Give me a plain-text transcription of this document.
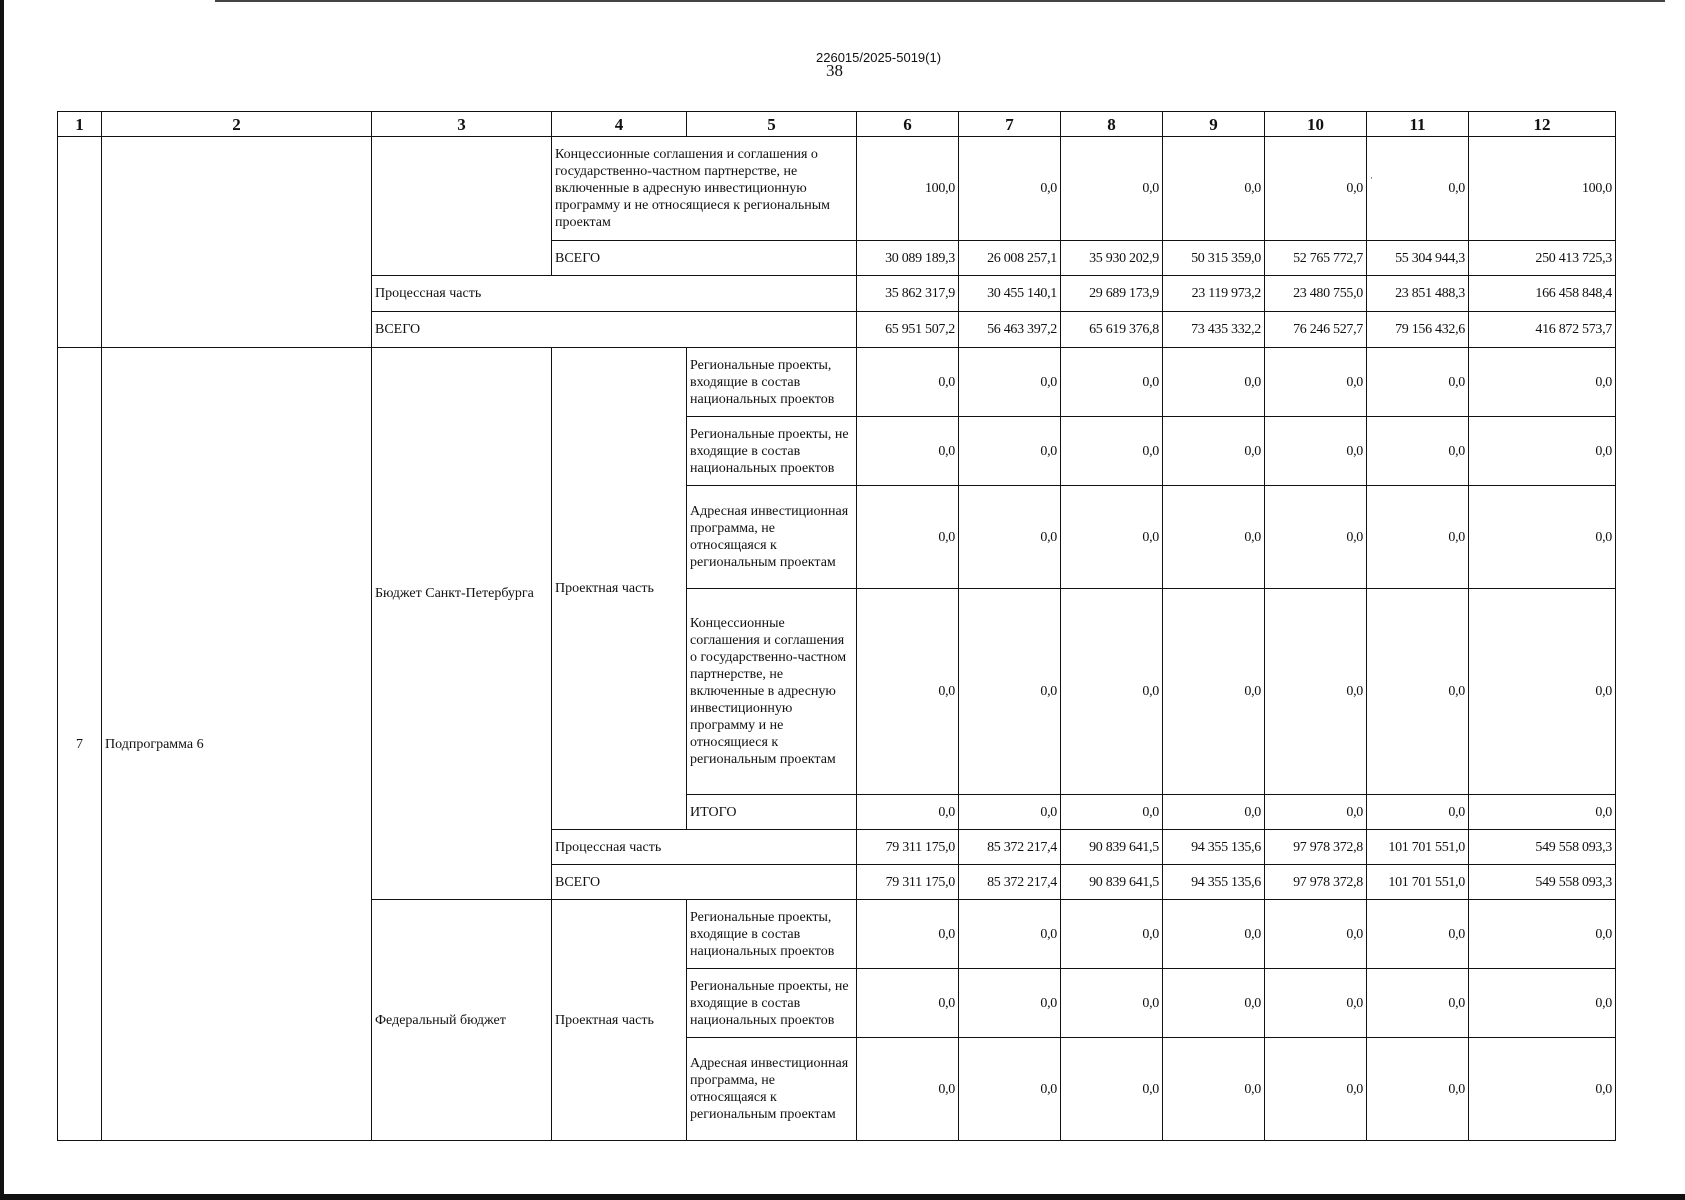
226015/2025-5019(1)
38
·
1	2	3	4	5	6	7	8	9	10	11	12
			Концессионные соглашения и соглашения о государственно-частном партнерстве, не включенные в адресную инвестиционную программу и не относящиеся к региональным проектам		100,0	0,0	0,0	0,0	0,0	0,0	100,0
			ВСЕГО		30 089 189,3	26 008 257,1	35 930 202,9	50 315 359,0	52 765 772,7	55 304 944,3	250 413 725,3
		Процессная часть			35 862 317,9	30 455 140,1	29 689 173,9	23 119 973,2	23 480 755,0	23 851 488,3	166 458 848,4
		ВСЕГО			65 951 507,2	56 463 397,2	65 619 376,8	73 435 332,2	76 246 527,7	79 156 432,6	416 872 573,7
7	Подпрограмма 6	Бюджет Санкт-Петербурга	Проектная часть	Региональные проекты, входящие в состав национальных проектов	0,0	0,0	0,0	0,0	0,0	0,0	0,0
				Региональные проекты, не входящие в состав национальных проектов	0,0	0,0	0,0	0,0	0,0	0,0	0,0
				Адресная инвестиционная программа, не относящаяся к региональным проектам	0,0	0,0	0,0	0,0	0,0	0,0	0,0
				Концессионные соглашения и соглашения о государственно-частном партнерстве, не включенные в адресную инвестиционную программу и не относящиеся к региональным проектам	0,0	0,0	0,0	0,0	0,0	0,0	0,0
				ИТОГО	0,0	0,0	0,0	0,0	0,0	0,0	0,0
			Процессная часть		79 311 175,0	85 372 217,4	90 839 641,5	94 355 135,6	97 978 372,8	101 701 551,0	549 558 093,3
			ВСЕГО		79 311 175,0	85 372 217,4	90 839 641,5	94 355 135,6	97 978 372,8	101 701 551,0	549 558 093,3
		Федеральный бюджет	Проектная часть	Региональные проекты, входящие в состав национальных проектов	0,0	0,0	0,0	0,0	0,0	0,0	0,0
				Региональные проекты, не входящие в состав национальных проектов	0,0	0,0	0,0	0,0	0,0	0,0	0,0
				Адресная инвестиционная программа, не относящаяся к региональным проектам	0,0	0,0	0,0	0,0	0,0	0,0	0,0
